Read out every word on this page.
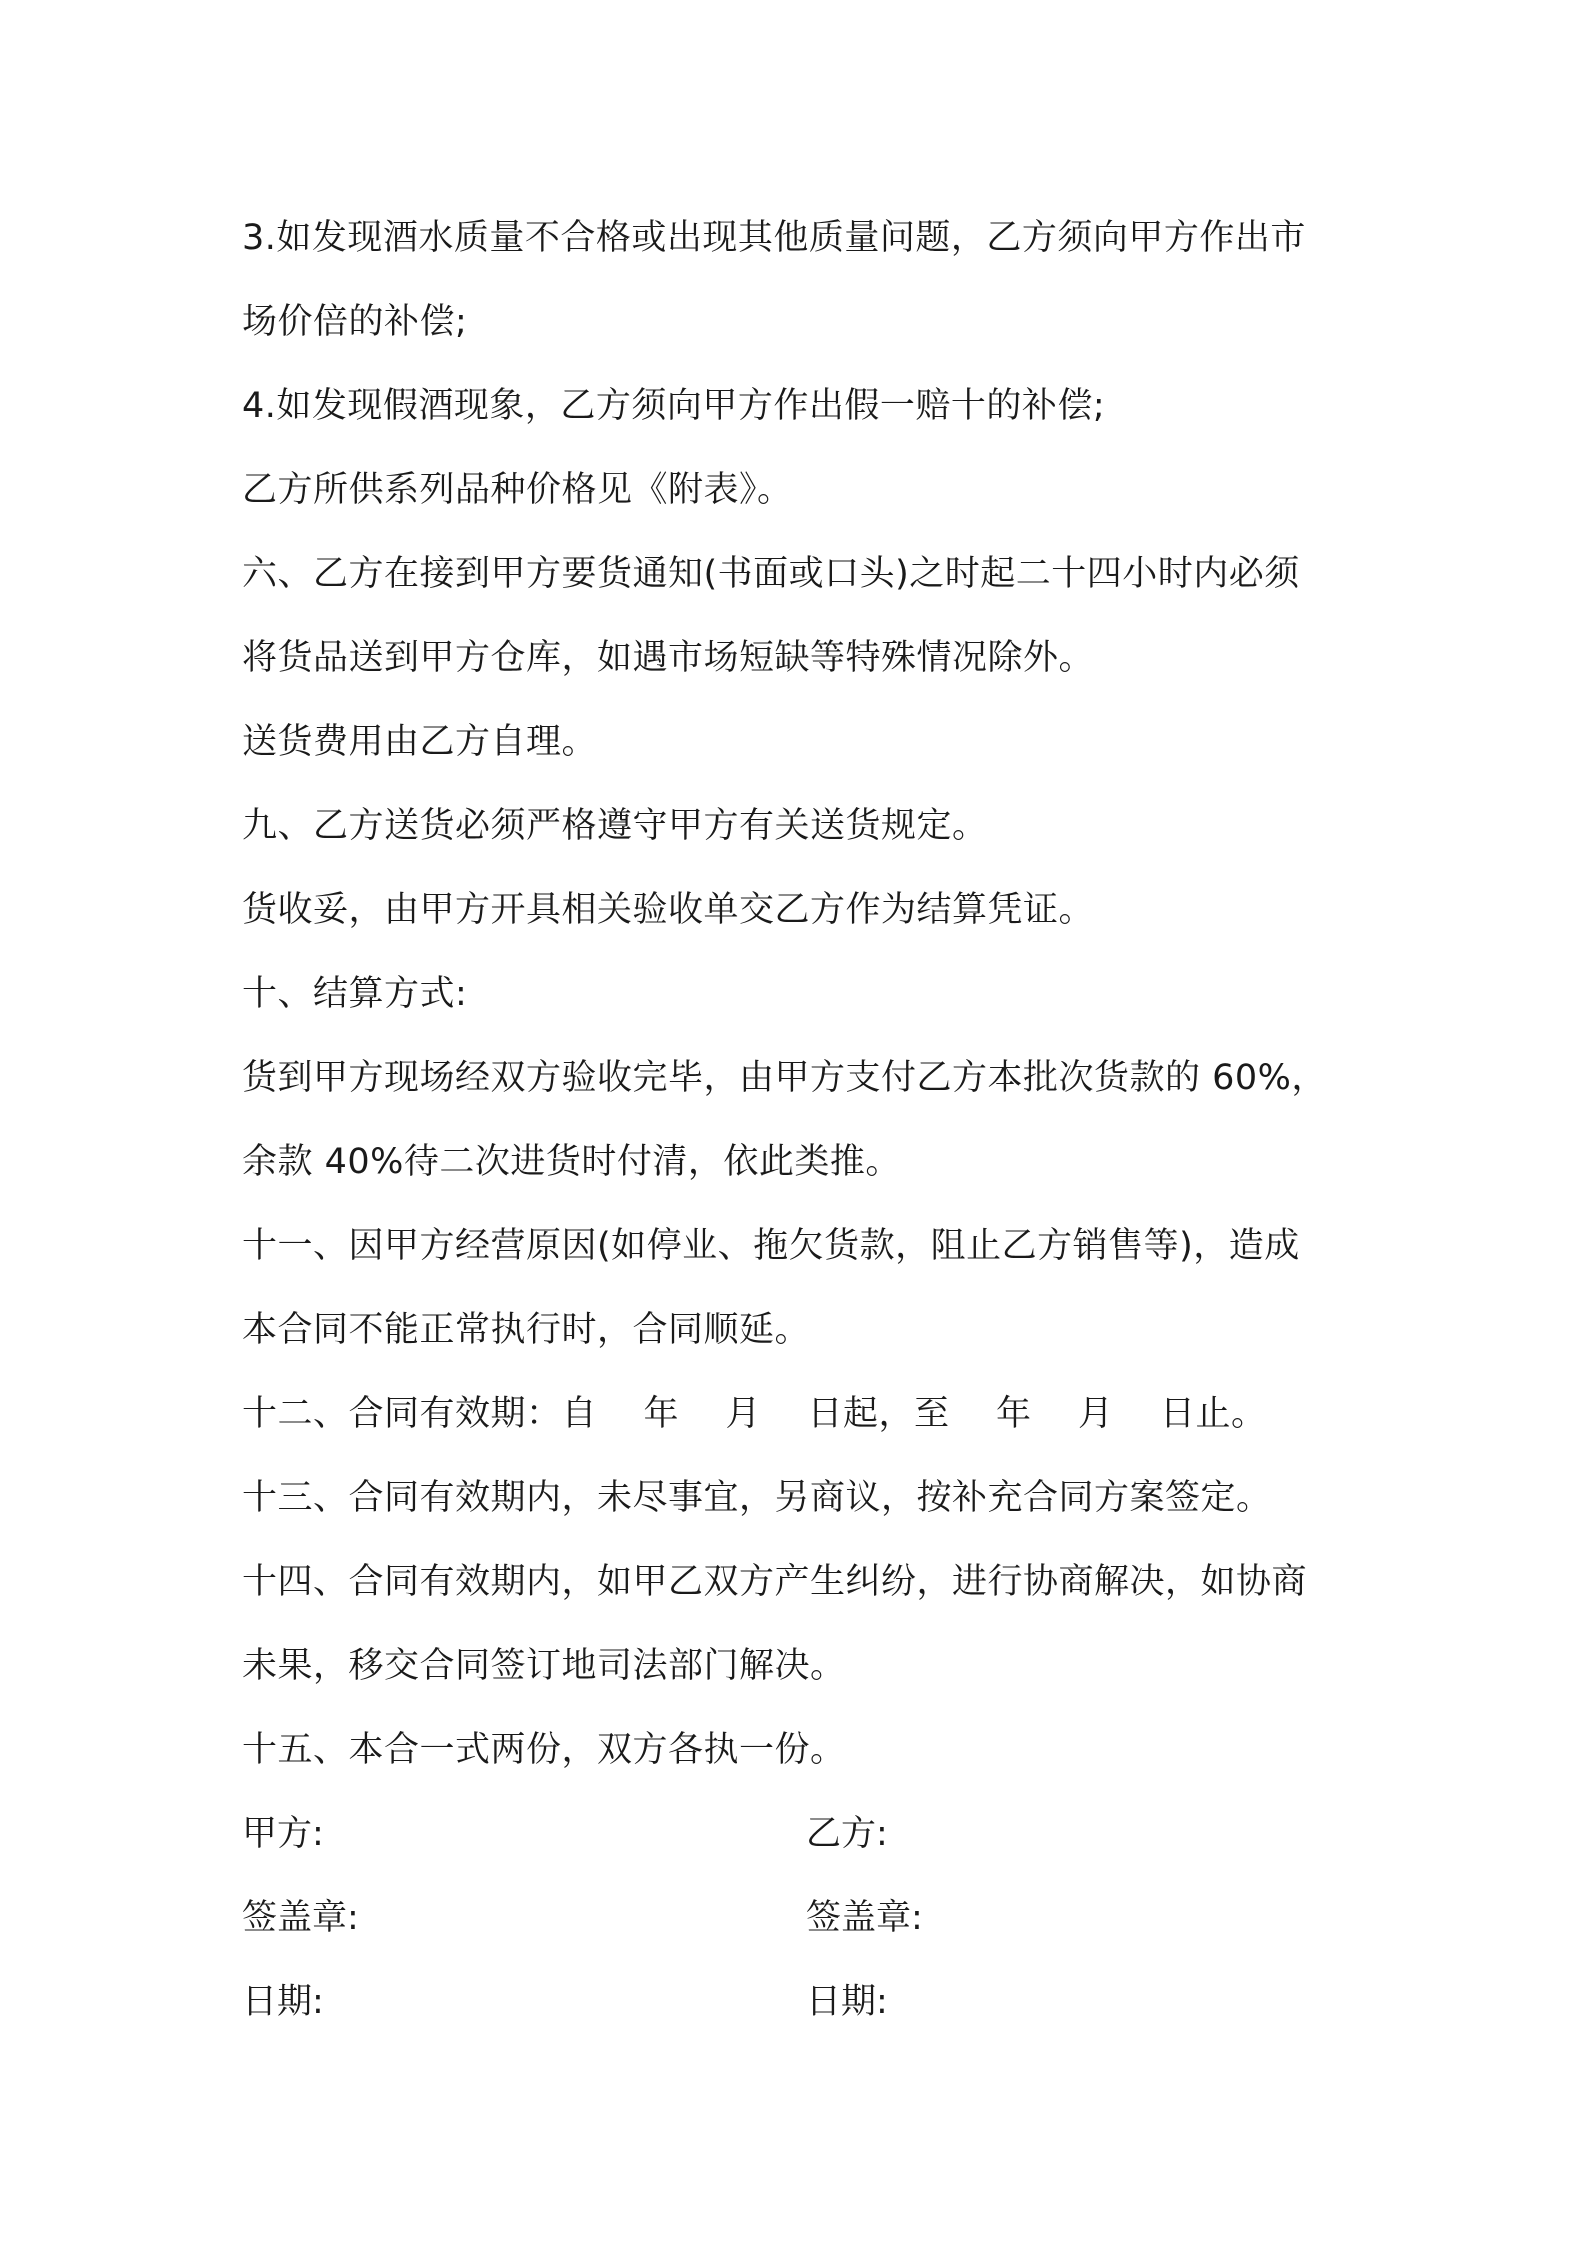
3.如发现酒水质量不合格或出现其他质量问题，乙方须向甲方作出市
场价倍的补偿;
4.如发现假酒现象，乙方须向甲方作出假一赔十的补偿;
乙方所供系列品种价格见《附表》。
六、乙方在接到甲方要货通知(书面或口头)之时起二十四小时内必须
将货品送到甲方仓库，如遇市场短缺等特殊情况除外。
送货费用由乙方自理。
九、乙方送货必须严格遵守甲方有关送货规定。
货收妥，由甲方开具相关验收单交乙方作为结算凭证。
十、结算方式:
货到甲方现场经双方验收完毕，由甲方支付乙方本批次货款的 60%，
余款 40%待二次进货时付清，依此类推。
十一、因甲方经营原因(如停业、拖欠货款，阻止乙方销售等)，造成
本合同不能正常执行时，合同顺延。
十二、合同有效期：自    年    月    日起，至    年    月    日止。
十三、合同有效期内，未尽事宜，另商议，按补充合同方案签定。
十四、合同有效期内，如甲乙双方产生纠纷，进行协商解决，如协商
未果，移交合同签订地司法部门解决。
十五、本合一式两份，双方各执一份。
甲方:	乙方:
签盖章:	签盖章:
日期:	日期:
